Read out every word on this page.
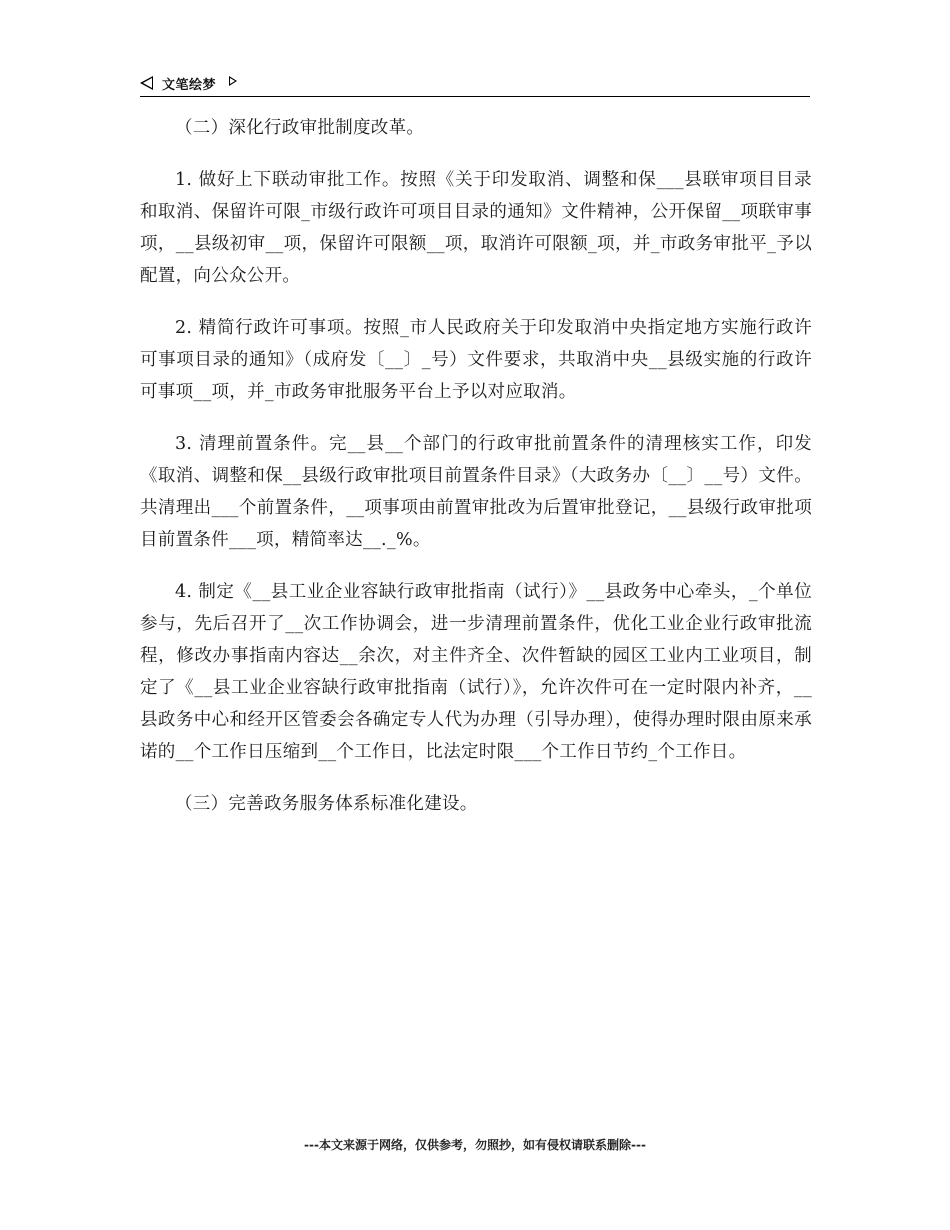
文笔绘梦

（二）深化行政审批制度改革。

1. 做好上下联动审批工作。按照《关于印发取消、调整和保___县联审项目目录和取消、保留许可限_市级行政许可项目目录的通知》文件精神，公开保留__项联审事项，__县级初审__项，保留许可限额__项，取消许可限额_项，并_市政务审批平_予以配置，向公众公开。

2. 精简行政许可事项。按照_市人民政府关于印发取消中央指定地方实施行政许可事项目录的通知》（成府发〔__〕_号）文件要求，共取消中央__县级实施的行政许可事项__项，并_市政务审批服务平台上予以对应取消。

3. 清理前置条件。完__县__个部门的行政审批前置条件的清理核实工作，印发《取消、调整和保__县级行政审批项目前置条件目录》（大政务办〔__〕__号）文件。共清理出___个前置条件，__项事项由前置审批改为后置审批登记，__县级行政审批项目前置条件___项，精简率达__._%。

4. 制定《__县工业企业容缺行政审批指南（试行）》__县政务中心牵头，_个单位参与，先后召开了__次工作协调会，进一步清理前置条件，优化工业企业行政审批流程，修改办事指南内容达__余次，对主件齐全、次件暂缺的园区工业内工业项目，制定了《__县工业企业容缺行政审批指南（试行）》，允许次件可在一定时限内补齐，__县政务中心和经开区管委会各确定专人代为办理（引导办理），使得办理时限由原来承诺的__个工作日压缩到__个工作日，比法定时限___个工作日节约_个工作日。

（三）完善政务服务体系标准化建设。

---本文来源于网络，仅供参考，勿照抄，如有侵权请联系删除---
